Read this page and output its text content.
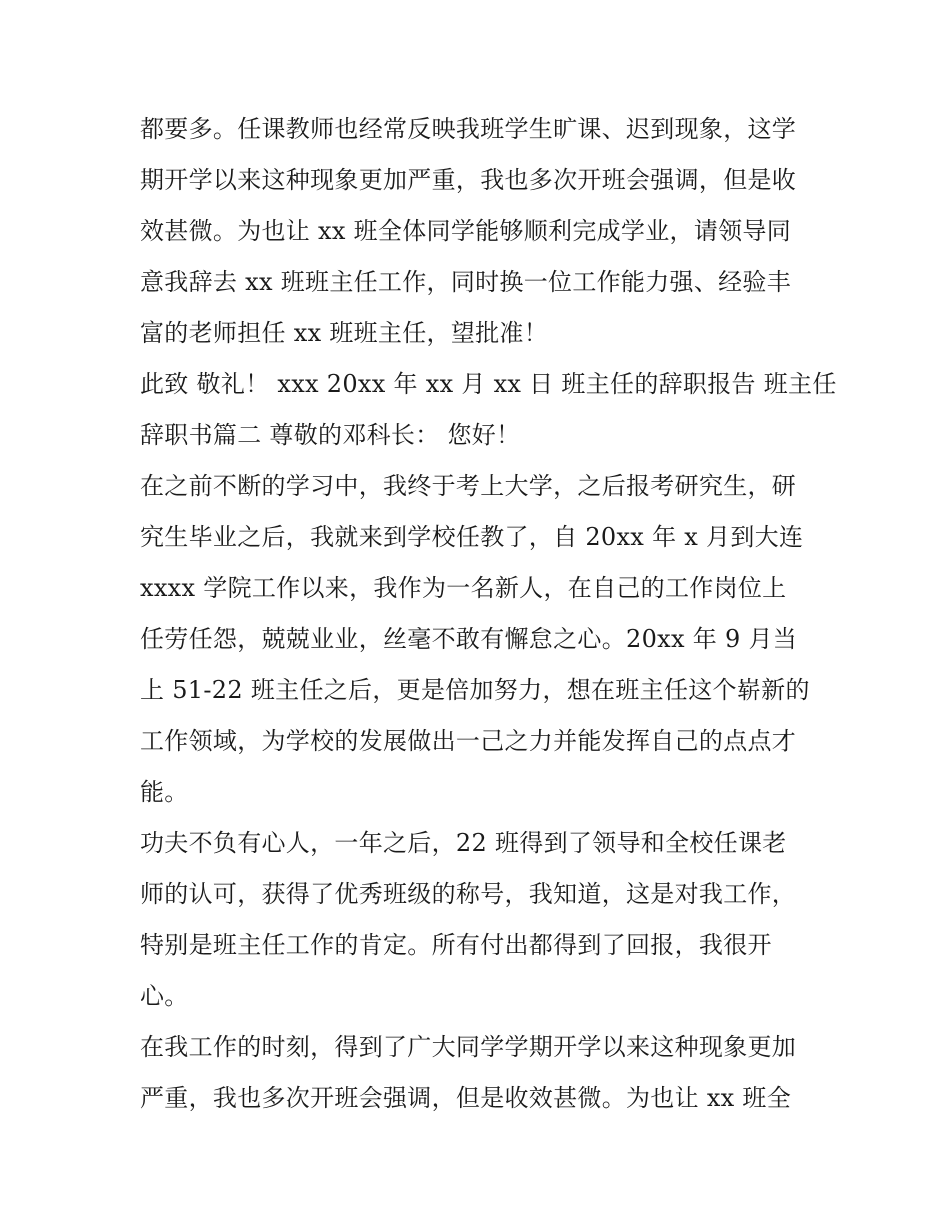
都要多。任课教师也经常反映我班学生旷课、迟到现象，这学
期开学以来这种现象更加严重，我也多次开班会强调，但是收
效甚微。为也让 xx 班全体同学能够顺利完成学业，请领导同
意我辞去 xx 班班主任工作，同时换一位工作能力强、经验丰
富的老师担任 xx 班班主任，望批准！
此致 敬礼！ xxx 20xx 年 xx 月 xx 日 班主任的辞职报告 班主任
辞职书篇二 尊敬的邓科长： 您好！
在之前不断的学习中，我终于考上大学，之后报考研究生，研
究生毕业之后，我就来到学校任教了，自 20xx 年 x 月到大连
xxxx 学院工作以来，我作为一名新人，在自己的工作岗位上
任劳任怨，兢兢业业，丝毫不敢有懈怠之心。20xx 年 9 月当
上 51-22 班主任之后，更是倍加努力，想在班主任这个崭新的
工作领域，为学校的发展做出一己之力并能发挥自己的点点才
能。
功夫不负有心人，一年之后，22 班得到了领导和全校任课老
师的认可，获得了优秀班级的称号，我知道，这是对我工作，
特别是班主任工作的肯定。所有付出都得到了回报，我很开
心。
在我工作的时刻，得到了广大同学学期开学以来这种现象更加
严重，我也多次开班会强调，但是收效甚微。为也让 xx 班全
